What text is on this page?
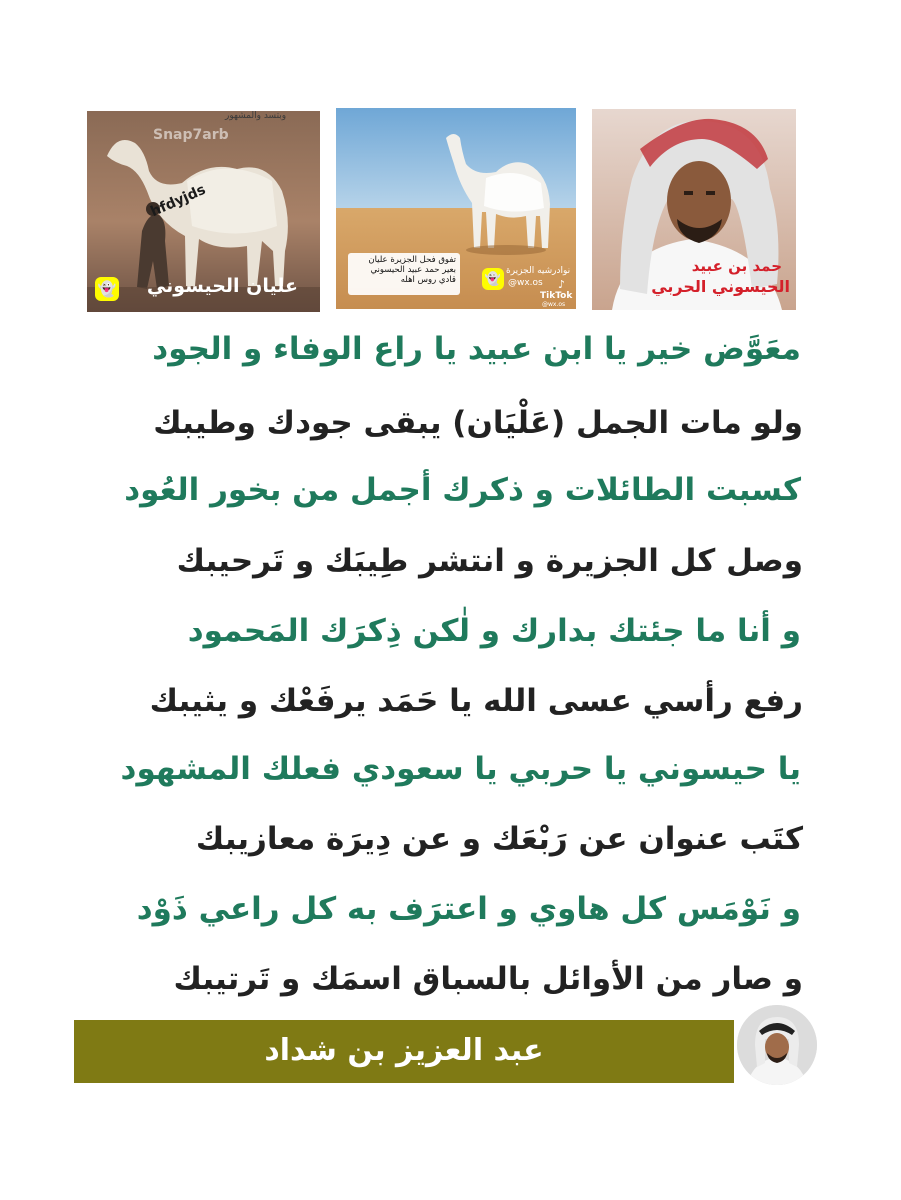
وبتسد والمشهور
Snap7arb
hfdyjds
👻 عليان الحيسوني
تفوق فحل الجزيرة عليان
بعير حمد عبيد الحيسوني
قادي روس اهله	👻
نوادرشيه الجزيرة
@wx.os ♪
TikTok
@wx.os
حمد بن عبيد
الحيسوني الحربي

معَوَّض خير يا ابن عبيد يا راع الوفاء و الجود

ولو مات الجمل (عَلْيَان) يبقى جودك وطيبك

كسبت الطائلات و ذكرك أجمل من بخور العُود

وصل كل الجزيرة و انتشر طِيبَك و تَرحيبك

و أنا ما جئتك بدارك و لٰكن ذِكرَك المَحمود

رفع رأسي عسى الله يا حَمَد يرفَعْك و يثيبك

يا حيسوني يا حربي يا سعودي فعلك المشهود

كتَب عنوان عن رَبْعَك و عن دِيرَة معازيبك

و نَوْمَس كل هاوي و اعترَف به كل راعي ذَوْد

و صار من الأوائل بالسباق اسمَك و تَرتيبك

عبد العزيز بن شداد
